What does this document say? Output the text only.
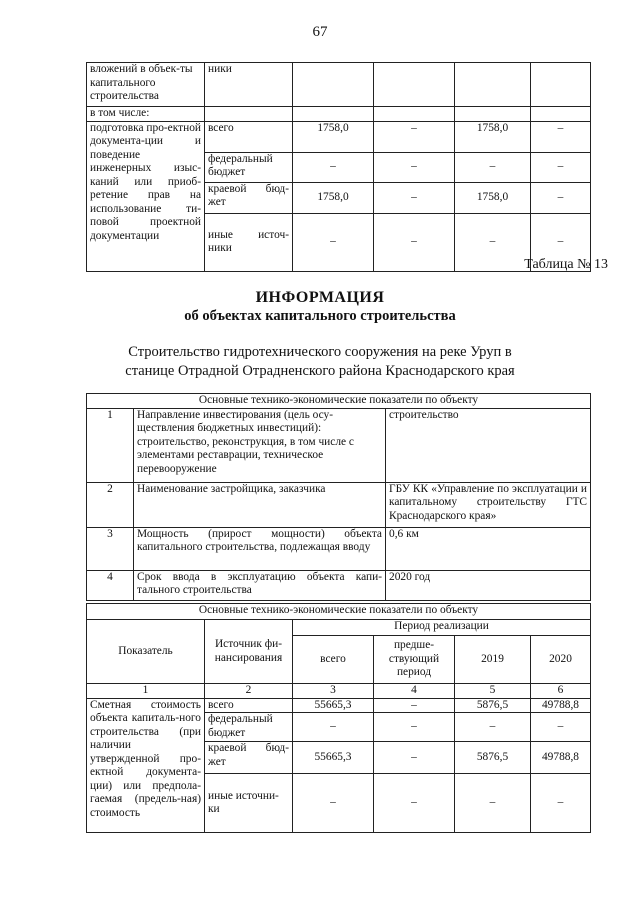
67
вложений в объек-ты капитального строительства	ники				
в том числе:					
подготовка про-ектной документа-ции и поведение инженерных изыс-каний или приоб-ретение прав на использование ти-повой проектной документации	всего	1758,0	–	1758,0	–
	федеральный бюджет	–	–	–	–
	краевой бюд-жет	1758,0	–	1758,0	–
	иные источ-ники	–	–	–	–
Таблица № 13
ИНФОРМАЦИЯ
об объектах капитального строительства
Строительство гидротехнического сооружения на реке Уруп в
станице Отрадной Отрадненского района Краснодарского края
Основные технико-экономические показатели по объекту		
1	Направление инвестирования (цель осу-ществления бюджетных инвестиций): строительство, реконструкция, в том числе с элементами реставрации, техническое перевооружение	строительство
2	Наименование застройщика, заказчика	ГБУ КК «Управление по эксплуатации и капитальному строительству ГТС Краснодарского края»
3	Мощность (прирост мощности) объекта капитального строительства, подлежащая вводу	0,6 км
4	Срок ввода в эксплуатацию объекта капи-тального строительства	2020 год
Основные технико-экономические показатели по объекту					
Показатель	Источник фи-нансирования	Период реализации			
		всего	предше-ствующий период	2019	2020
1	2	3	4	5	6
Сметная стоимость объекта капиталь-ного строительства (при наличии утвержденной про-ектной документа-ции) или предпола-гаемая (предель-ная) стоимость	всего	55665,3	–	5876,5	49788,8
	федеральный бюджет	–	–	–	–
	краевой бюд-жет	55665,3	–	5876,5	49788,8
	иные источни-ки	–	–	–	–
